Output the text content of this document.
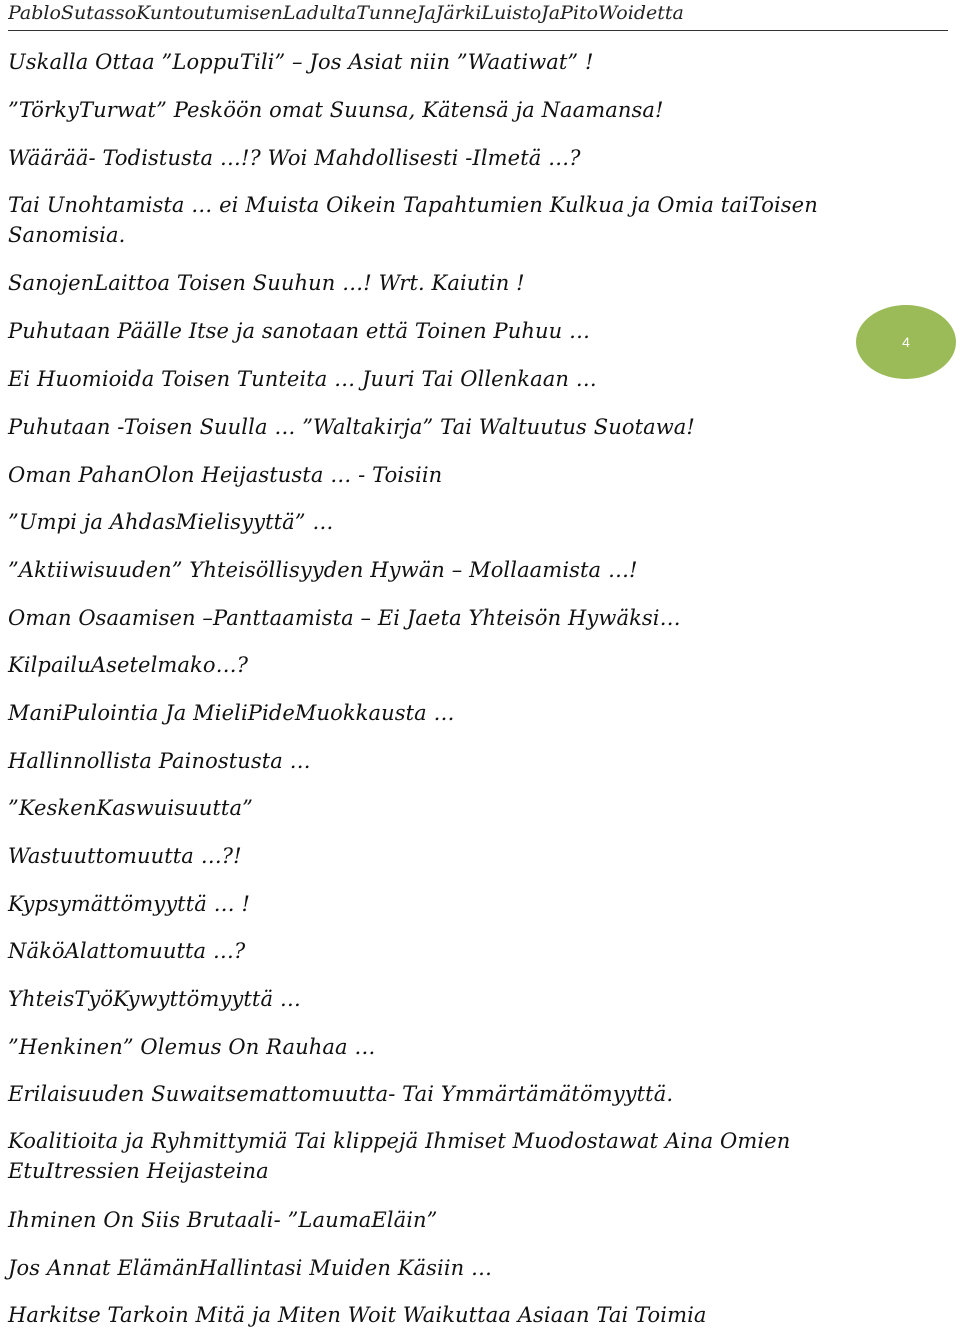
PabloSutassoKuntoutumisenLadultaTunneJaJärkiLuistoJaPitoWoidetta
4
Uskalla Ottaa ”LoppuTili” – Jos Asiat niin ”Waatiwat” !
”TörkyTurwat” Pesköön omat Suunsa, Kätensä ja Naamansa!
Wäärää- Todistusta …!? Woi Mahdollisesti -Ilmetä …?
Tai Unohtamista … ei Muista Oikein Tapahtumien Kulkua ja Omia taiToisen Sanomisia.
SanojenLaittoa Toisen Suuhun …! Wrt. Kaiutin !
Puhutaan Päälle Itse ja sanotaan että Toinen Puhuu …
Ei Huomioida Toisen Tunteita … Juuri Tai Ollenkaan …
Puhutaan -Toisen Suulla … ”Waltakirja” Tai Waltuutus Suotawa!
Oman PahanOlon Heijastusta … - Toisiin
”Umpi ja AhdasMielisyyttä” …
”Aktiiwisuuden” Yhteisöllisyyden Hywän – Mollaamista …!
Oman Osaamisen –Panttaamista – Ei Jaeta Yhteisön Hywäksi…
KilpailuAsetelmako…?
ManiPulointia Ja MieliPideMuokkausta …
Hallinnollista Painostusta …
”KeskenKaswuisuutta”
Wastuuttomuutta …?!
Kypsymättömyyttä … !
NäköAlattomuutta …?
YhteisTyöKywyttömyyttä …
”Henkinen” Olemus On Rauhaa …
Erilaisuuden Suwaitsemattomuutta- Tai Ymmärtämätömyyttä.
Koalitioita ja Ryhmittymiä Tai klippejä Ihmiset Muodostawat Aina Omien EtuItressien Heijasteina
Ihminen On Siis Brutaali- ”LaumaEläin”
Jos Annat ElämänHallintasi Muiden Käsiin …
Harkitse Tarkoin Mitä ja Miten Woit Waikuttaa Asiaan Tai Toimia
